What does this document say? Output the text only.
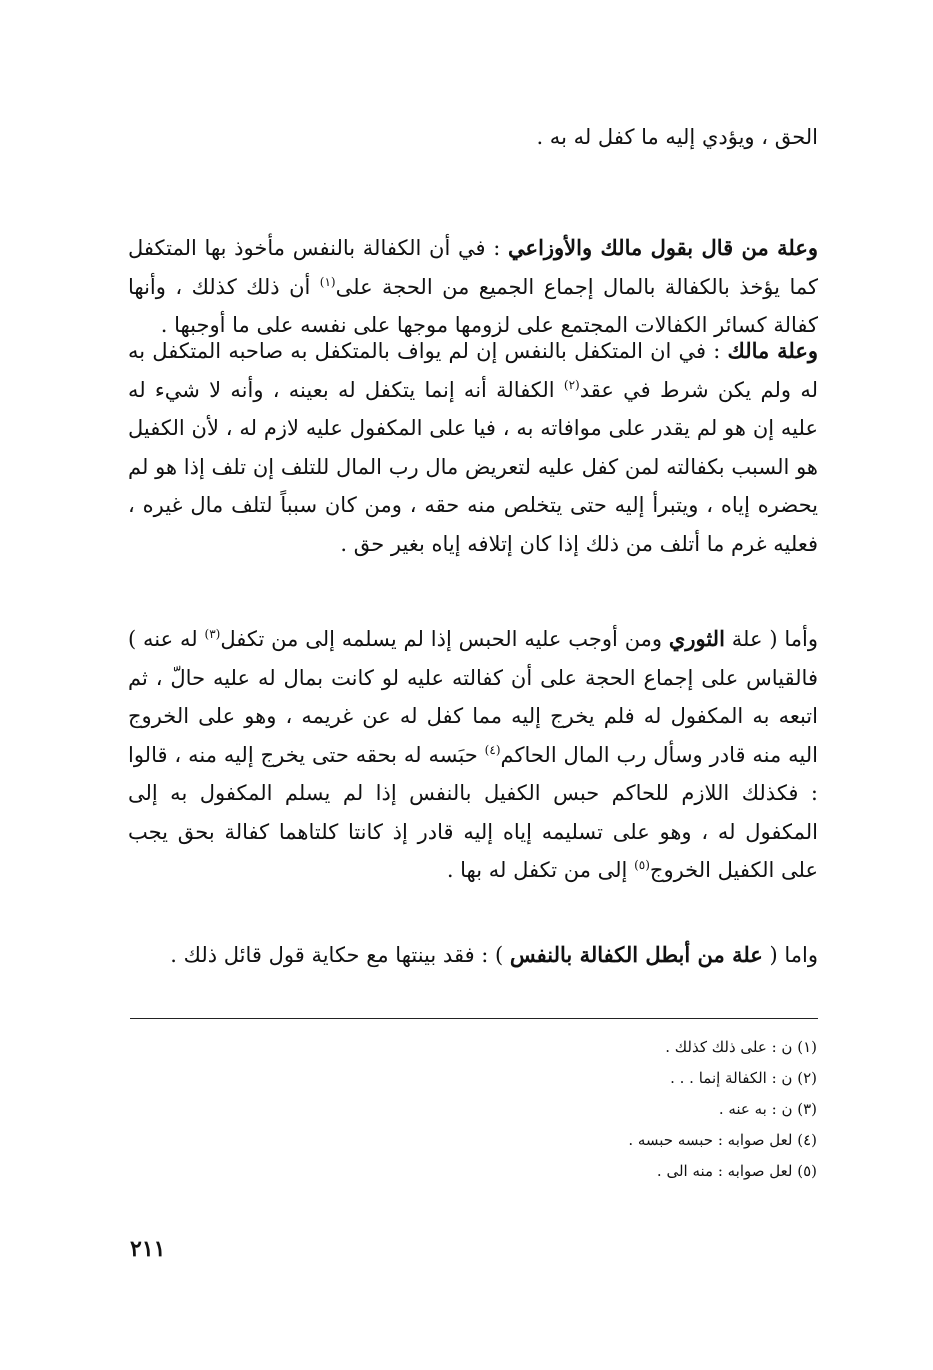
الحق ، ويؤدي إليه ما كفل له به .

وعلة من قال بقول مالك والأوزاعي : في أن الكفالة بالنفس مأخوذ بها المتكفل كما يؤخذ بالكفالة بالمال إجماع الجميع من الحجة على$^{(١)}$ أن ذلك كذلك ، وأنها كفالة كسائر الكفالات المجتمع على لزومها موجها على نفسه على ما أوجبها .

وعلة مالك : في ان المتكفل بالنفس إن لم يواف بالمتكفل به صاحبه المتكفل به له ولم يكن شرط في عقد$^{(٢)}$ الكفالة أنه إنما يتكفل له بعينه ، وأنه لا شيء له عليه إن هو لم يقدر على موافاته به ، فيا على المكفول عليه لازم له ، لأن الكفيل هو السبب بكفالته لمن كفل عليه لتعريض مال رب المال للتلف إن تلف إذا هو لم يحضره إياه ، ويتبرأ إليه حتى يتخلص منه حقه ، ومن كان سبباً لتلف مال غيره ، فعليه غرم ما أتلف من ذلك إذا كان إتلافه إياه بغير حق .

وأما ( علة الثوري ومن أوجب عليه الحبس إذا لم يسلمه إلى من تكفل$^{(٣)}$ له عنه ) فالقياس على إجماع الحجة على أن كفالته عليه لو كانت بمال له عليه حالّ ، ثم اتبعه به المكفول له فلم يخرج إليه مما كفل له عن غريمه ، وهو على الخروج اليه منه قادر وسأل رب المال الحاكم$^{(٤)}$ حبَسه له بحقه حتى يخرج إليه منه ، قالوا : فكذلك اللازم للحاكم حبس الكفيل بالنفس إذا لم يسلم المكفول به إلى المكفول له ، وهو على تسليمه إياه إليه قادر إذ كانتا كلتاهما كفالة بحق يجب على الكفيل الخروج$^{(٥)}$ إلى من تكفل له بها .

واما ( علة من أبطل الكفالة بالنفس ) : فقد بينتها مع حكاية قول قائل ذلك .

(١) ن : على ذلك كذلك .

(٢) ن : الكفالة إنما . . .

(٣) ن : به عنه .

(٤) لعل صوابه : حبسه حبسه .

(٥) لعل صوابه : منه الى .

٢١١
